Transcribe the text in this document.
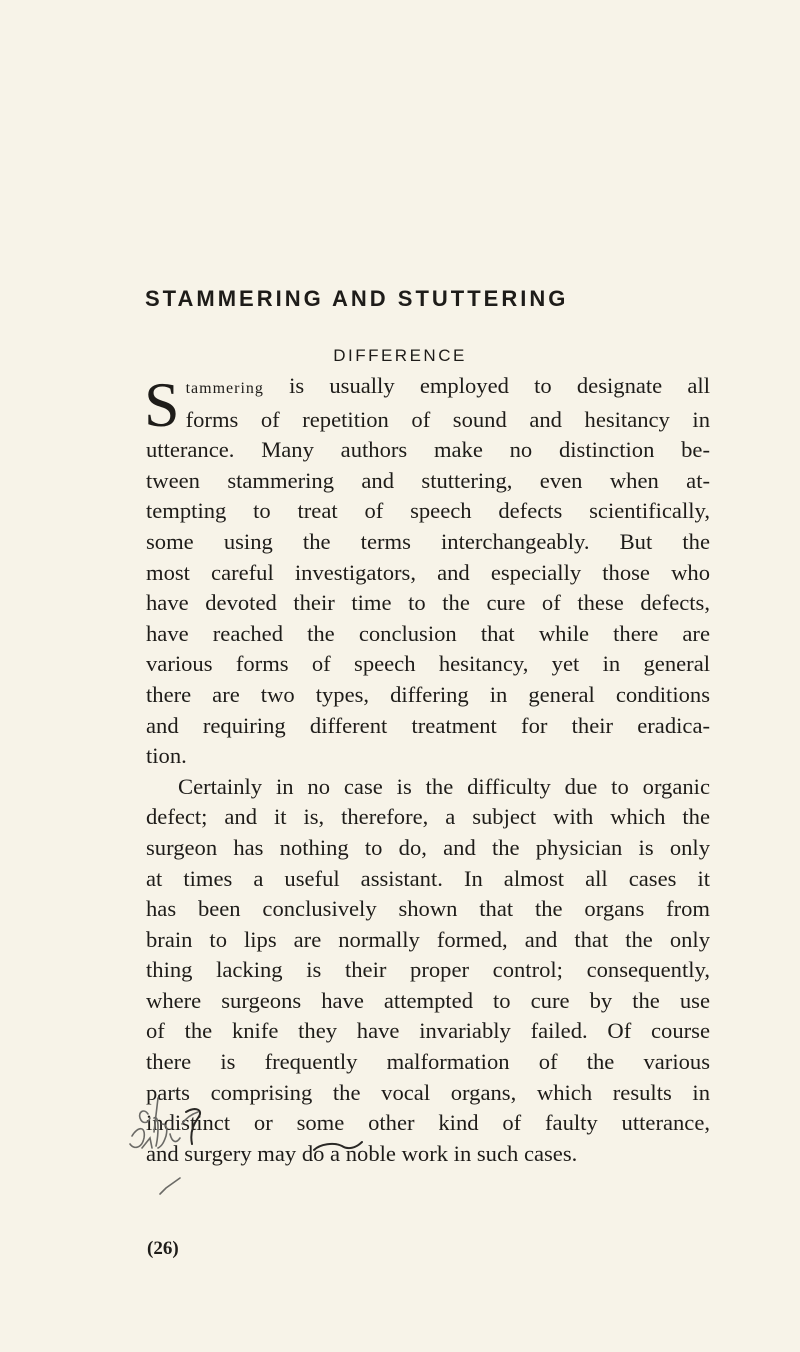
STAMMERING AND STUTTERING
DIFFERENCE
S tammering is usually employed to designate all
forms of repetition of sound and hesitancy in
utterance. Many authors make no distinction be-
tween stammering and stuttering, even when at-
tempting to treat of speech defects scientifically,
some using the terms interchangeably. But the
most careful investigators, and especially those who
have devoted their time to the cure of these defects,
have reached the conclusion that while there are
various forms of speech hesitancy, yet in general
there are two types, differing in general conditions
and requiring different treatment for their eradica-
tion.
Certainly in no case is the difficulty due to organic
defect; and it is, therefore, a subject with which the
surgeon has nothing to do, and the physician is only
at times a useful assistant. In almost all cases it
has been conclusively shown that the organs from
brain to lips are normally formed, and that the only
thing lacking is their proper control; consequently,
where surgeons have attempted to cure by the use
of the knife they have invariably failed. Of course
there is frequently malformation of the various
parts comprising the vocal organs, which results in
indistinct or some other kind of faulty utterance,
and surgery may do a noble work in such cases.
(26)
